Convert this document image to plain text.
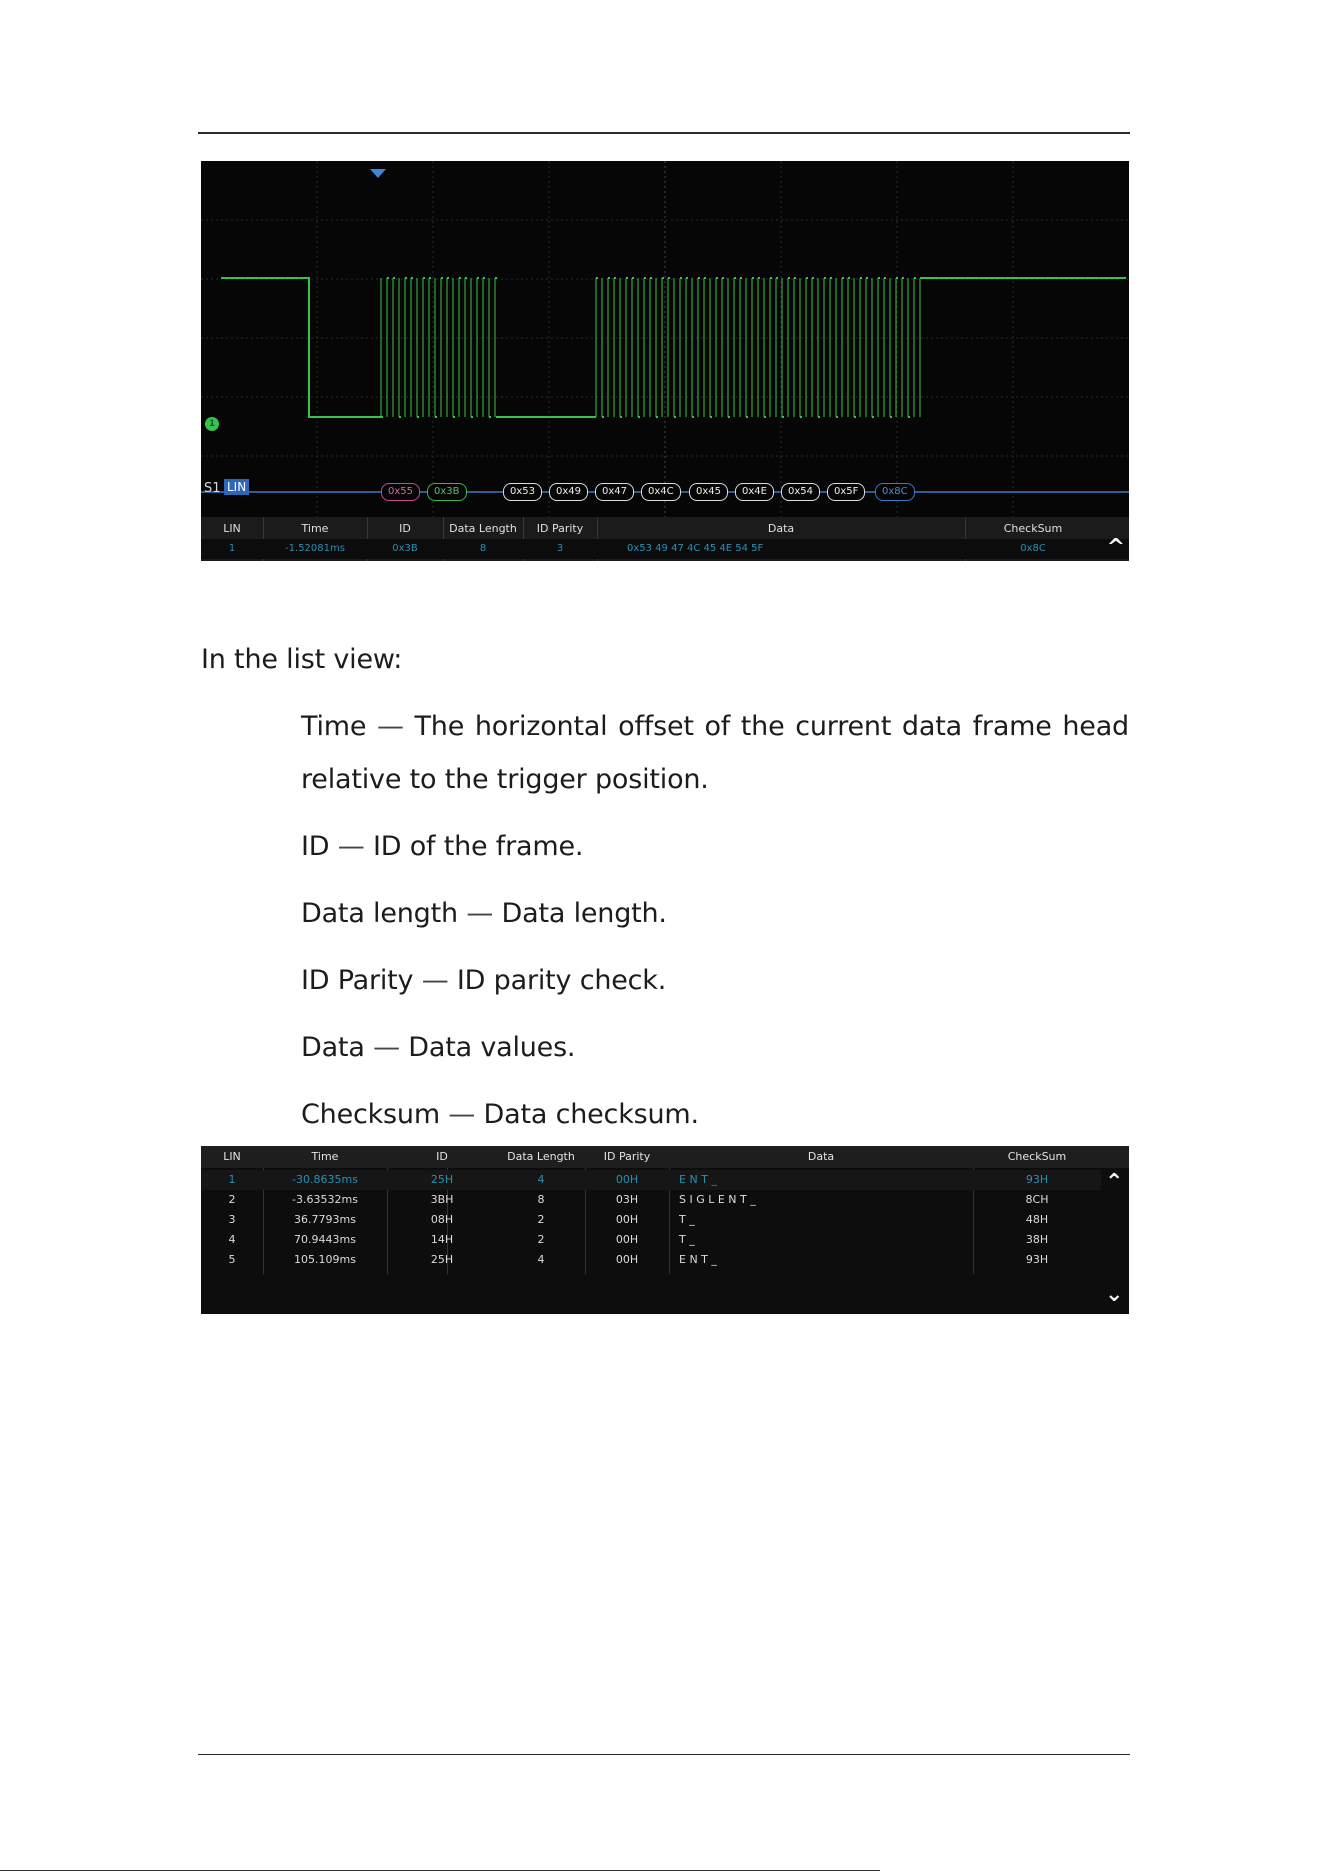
1
S1 LIN	0x55	0x3B	0x53	0x49	0x47	0x4C	0x45	0x4E	0x54	0x5F	0x8C
LIN	Time	ID	Data Length	ID Parity	Data	CheckSum
1	-1.52081ms	0x3B	8	3	0x53 49 47 4C 45 4E 54 5F	0x8C	^
In the list view:
Time — The horizontal offset of the current data frame head
relative to the trigger position.
ID — ID of the frame.
Data length — Data length.
ID Parity — ID parity check.
Data — Data values.
Checksum — Data checksum.
LIN	Time	ID	Data Length	ID Parity	Data	CheckSum
1	-30.8635ms	25H	4	00H	E N T _	93H
2	-3.63532ms	3BH	8	03H	S I G L E N T _	8CH
3	36.7793ms	08H	2	00H	T _	48H
4	70.9443ms	14H	2	00H	T _	38H
5	105.109ms	25H	4	00H	E N T _	93H
⌃
⌄
